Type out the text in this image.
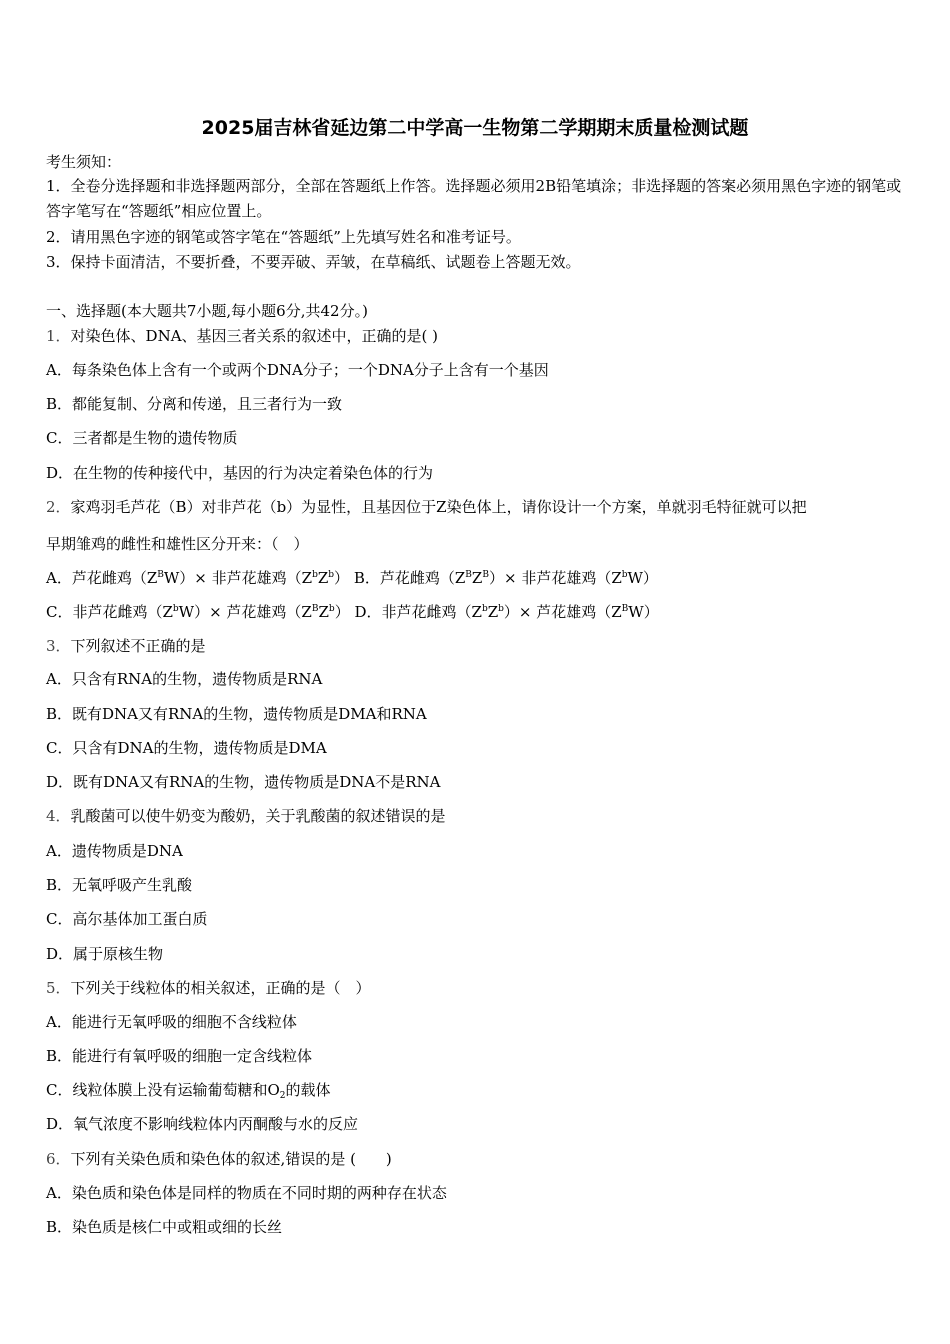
2025届吉林省延边第二中学高一生物第二学期期末质量检测试题
考生须知：
1．全卷分选择题和非选择题两部分，全部在答题纸上作答。选择题必须用2B铅笔填涂；非选择题的答案必须用黑色字迹的钢笔或答字笔写在“答题纸”相应位置上。
2．请用黑色字迹的钢笔或答字笔在“答题纸”上先填写姓名和准考证号。
3．保持卡面清洁，不要折叠，不要弄破、弄皱，在草稿纸、试题卷上答题无效。
一、选择题(本大题共7小题,每小题6分,共42分。)
1．对染色体、DNA、基因三者关系的叙述中，正确的是( )
A．每条染色体上含有一个或两个DNA分子；一个DNA分子上含有一个基因
B．都能复制、分离和传递，且三者行为一致
C．三者都是生物的遗传物质
D．在生物的传种接代中，基因的行为决定着染色体的行为
2．家鸡羽毛芦花（B）对非芦花（b）为显性，且基因位于Z染色体上，请你设计一个方案，单就羽毛特征就可以把
早期雏鸡的雌性和雄性区分开来：（　）
A．芦花雌鸡$(Z^BW)\times$ 非芦花雄鸡$(Z^bZ^b)$ B．芦花雌鸡$(Z^BZ^B)\times$ 非芦花雄鸡$(Z^bW)$
C．非芦花雌鸡$(Z^bW)\times$ 芦花雄鸡$(Z^BZ^b)$ D．非芦花雌鸡$(Z^bZ^b)\times$ 芦花雄鸡$(Z^BW)$
3．下列叙述不正确的是
A．只含有RNA的生物，遗传物质是RNA
B．既有DNA又有RNA的生物，遗传物质是DMA和RNA
C．只含有DNA的生物，遗传物质是DMA
D．既有DNA又有RNA的生物，遗传物质是DNA不是RNA
4．乳酸菌可以使牛奶变为酸奶，关于乳酸菌的叙述错误的是
A．遗传物质是DNA
B．无氧呼吸产生乳酸
C．高尔基体加工蛋白质
D．属于原核生物
5．下列关于线粒体的相关叙述，正确的是（　）
A．能进行无氧呼吸的细胞不含线粒体
B．能进行有氧呼吸的细胞一定含线粒体
C．线粒体膜上没有运输葡萄糖和$O_2$的载体
D．氧气浓度不影响线粒体内丙酮酸与水的反应
6．下列有关染色质和染色体的叙述,错误的是 (　　)
A．染色质和染色体是同样的物质在不同时期的两种存在状态
B．染色质是核仁中或粗或细的长丝
